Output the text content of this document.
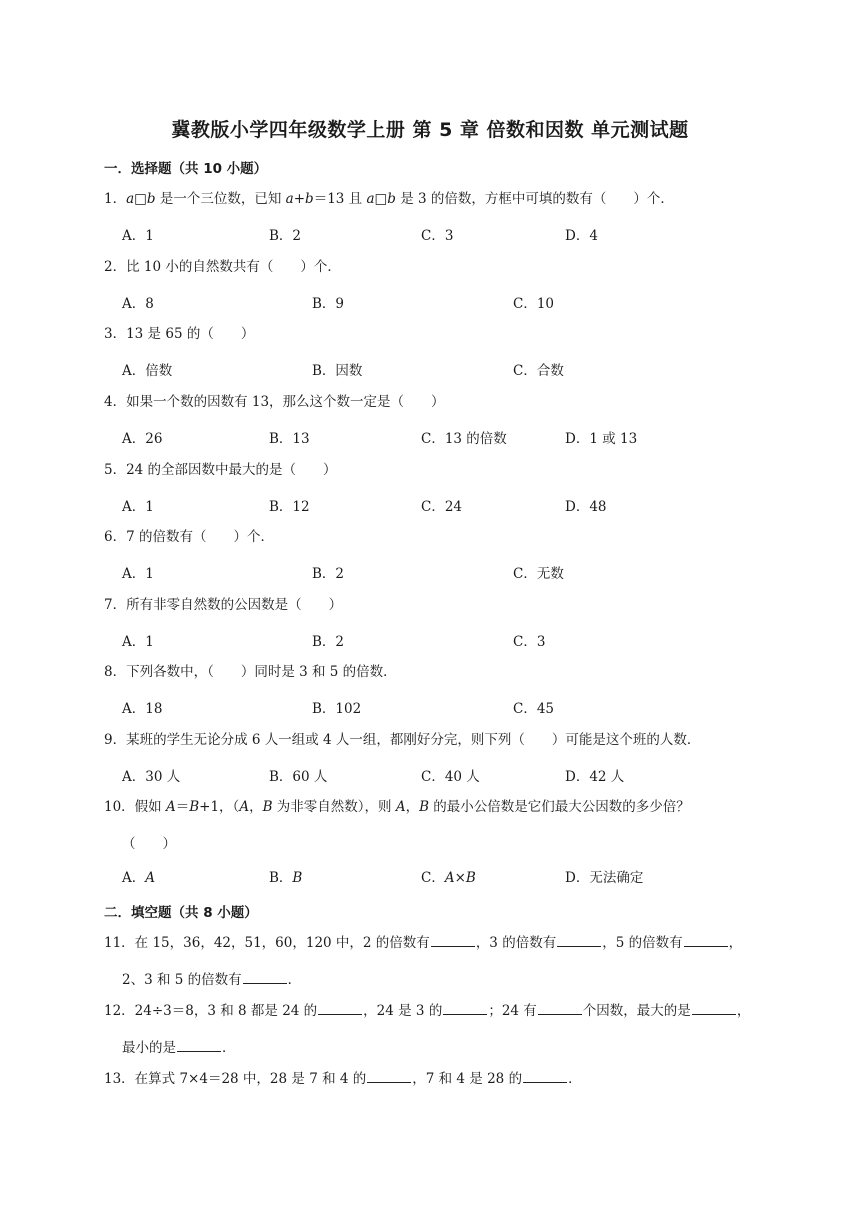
冀教版小学四年级数学上册 第 5 章 倍数和因数 单元测试题
一．选择题（共 10 小题）
1．a□b 是一个三位数，已知 a+b＝13 且 a□b 是 3 的倍数，方框中可填的数有（　　）个．
A．1	B．2	C．3	D．4
2．比 10 小的自然数共有（　　）个．
A．8	B．9	C．10
3．13 是 65 的（　　）
A．倍数	B．因数	C．合数
4．如果一个数的因数有 13，那么这个数一定是（　　）
A．26	B．13	C．13 的倍数	D．1 或 13
5．24 的全部因数中最大的是（　　）
A．1	B．12	C．24	D．48
6．7 的倍数有（　　）个．
A．1	B．2	C．无数
7．所有非零自然数的公因数是（　　）
A．1	B．2	C．3
8．下列各数中，（　　）同时是 3 和 5 的倍数．
A．18	B．102	C．45
9．某班的学生无论分成 6 人一组或 4 人一组，都刚好分完，则下列（　　）可能是这个班的人数．
A．30 人	B．60 人	C．40 人	D．42 人
10．假如 A＝B+1，（A，B 为非零自然数），则 A，B 的最小公倍数是它们最大公因数的多少倍？
（　　）
A．A	B．B	C．A×B	D．无法确定
二．填空题（共 8 小题）
11．在 15，36，42，51，60，120 中，2 的倍数有	，3 的倍数有	，5 的倍数有	，
2、3 和 5 的倍数有	．
12．24÷3＝8，3 和 8 都是 24 的	，24 是 3 的	；24 有	个因数，最大的是	，
最小的是	．
13．在算式 7×4＝28 中，28 是 7 和 4 的	，7 和 4 是 28 的	．
